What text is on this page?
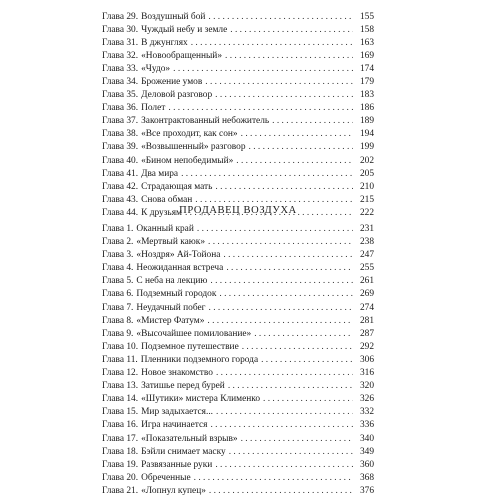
Глава 29. Воздушный бой . . .	155
Глава 30. Чуждый небу и земле . . .	158
Глава 31. В джунглях . . .	163
Глава 32. «Новообращенный» . . .	169
Глава 33. «Чудо» . . .	174
Глава 34. Брожение умов . . .	179
Глава 35. Деловой разговор . . .	183
Глава 36. Полет . . .	186
Глава 37. Законтрактованный небожитель . . .	189
Глава 38. «Все проходит, как сон» . . .	194
Глава 39. «Возвышенный» разговор . . .	199
Глава 40. «Бином непобедимый» . . .	202
Глава 41. Два мира . . .	205
Глава 42. Страдающая мать . . .	210
Глава 43. Снова обман . . .	215
Глава 44. К друзьям . . .	222
ПРОДАВЕЦ ВОЗДУХА
Глава 1. Оканный край . . .	231
Глава 2. «Мертвый каюк» . . .	238
Глава 3. «Ноздря» Ай-Тойона . . .	247
Глава 4. Неожиданная встреча . . .	255
Глава 5. С неба на лекцию . . .	261
Глава 6. Подземный городок . . .	269
Глава 7. Неудачный побег . . .	274
Глава 8. «Мистер Фатум» . . .	281
Глава 9. «Высочайшее помилование» . . .	287
Глава 10. Подземное путешествие . . .	292
Глава 11. Пленники подземного города . . .	306
Глава 12. Новое знакомство . . .	316
Глава 13. Затишье перед бурей . . .	320
Глава 14. «Шутики» мистера Клименко . . .	326
Глава 15. Мир задыхается... . . .	332
Глава 16. Игра начинается . . .	336
Глава 17. «Показательный взрыв» . . .	340
Глава 18. Бэйли снимает маску . . .	349
Глава 19. Развязанные руки . . .	360
Глава 20. Обреченные . . .	368
Глава 21. «Лопнул купец» . . .	376
